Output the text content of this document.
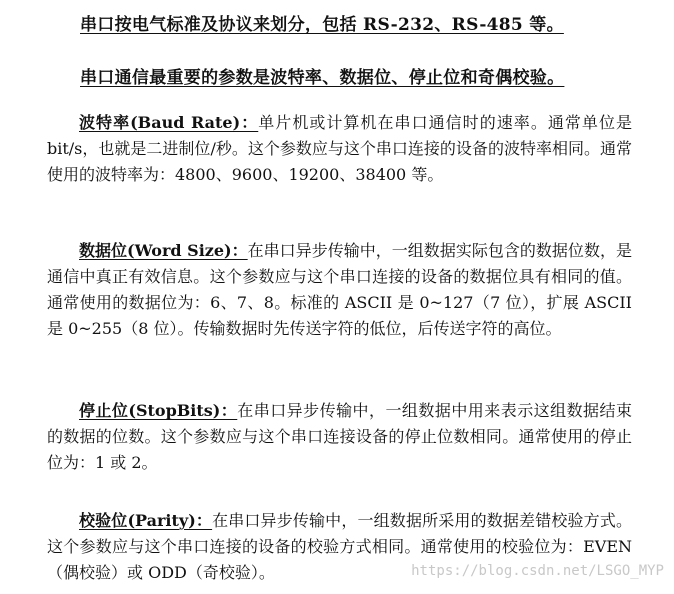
串口按电气标准及协议来划分，包括 RS-232、RS-485 等。
串口通信最重要的参数是波特率、数据位、停止位和奇偶校验。
波特率(Baud Rate)：单片机或计算机在串口通信时的速率。通常单位是 bit/s，也就是二进制位/秒。这个参数应与这个串口连接的设备的波特率相同。通常使用的波特率为：4800、9600、19200、38400 等。
数据位(Word Size)：在串口异步传输中，一组数据实际包含的数据位数，是通信中真正有效信息。这个参数应与这个串口连接的设备的数据位具有相同的值。通常使用的数据位为：6、7、8。标准的 ASCII 是 0~127（7 位），扩展 ASCII 是 0~255（8 位）。传输数据时先传送字符的低位，后传送字符的高位。
停止位(StopBits)：在串口异步传输中，一组数据中用来表示这组数据结束的数据的位数。这个参数应与这个串口连接设备的停止位数相同。通常使用的停止位为：1 或 2。
校验位(Parity)：在串口异步传输中，一组数据所采用的数据差错校验方式。这个参数应与这个串口连接的设备的校验方式相同。通常使用的校验位为：EVEN（偶校验）或 ODD（奇校验）。	https://blog.csdn.net/LSGO_MYP
